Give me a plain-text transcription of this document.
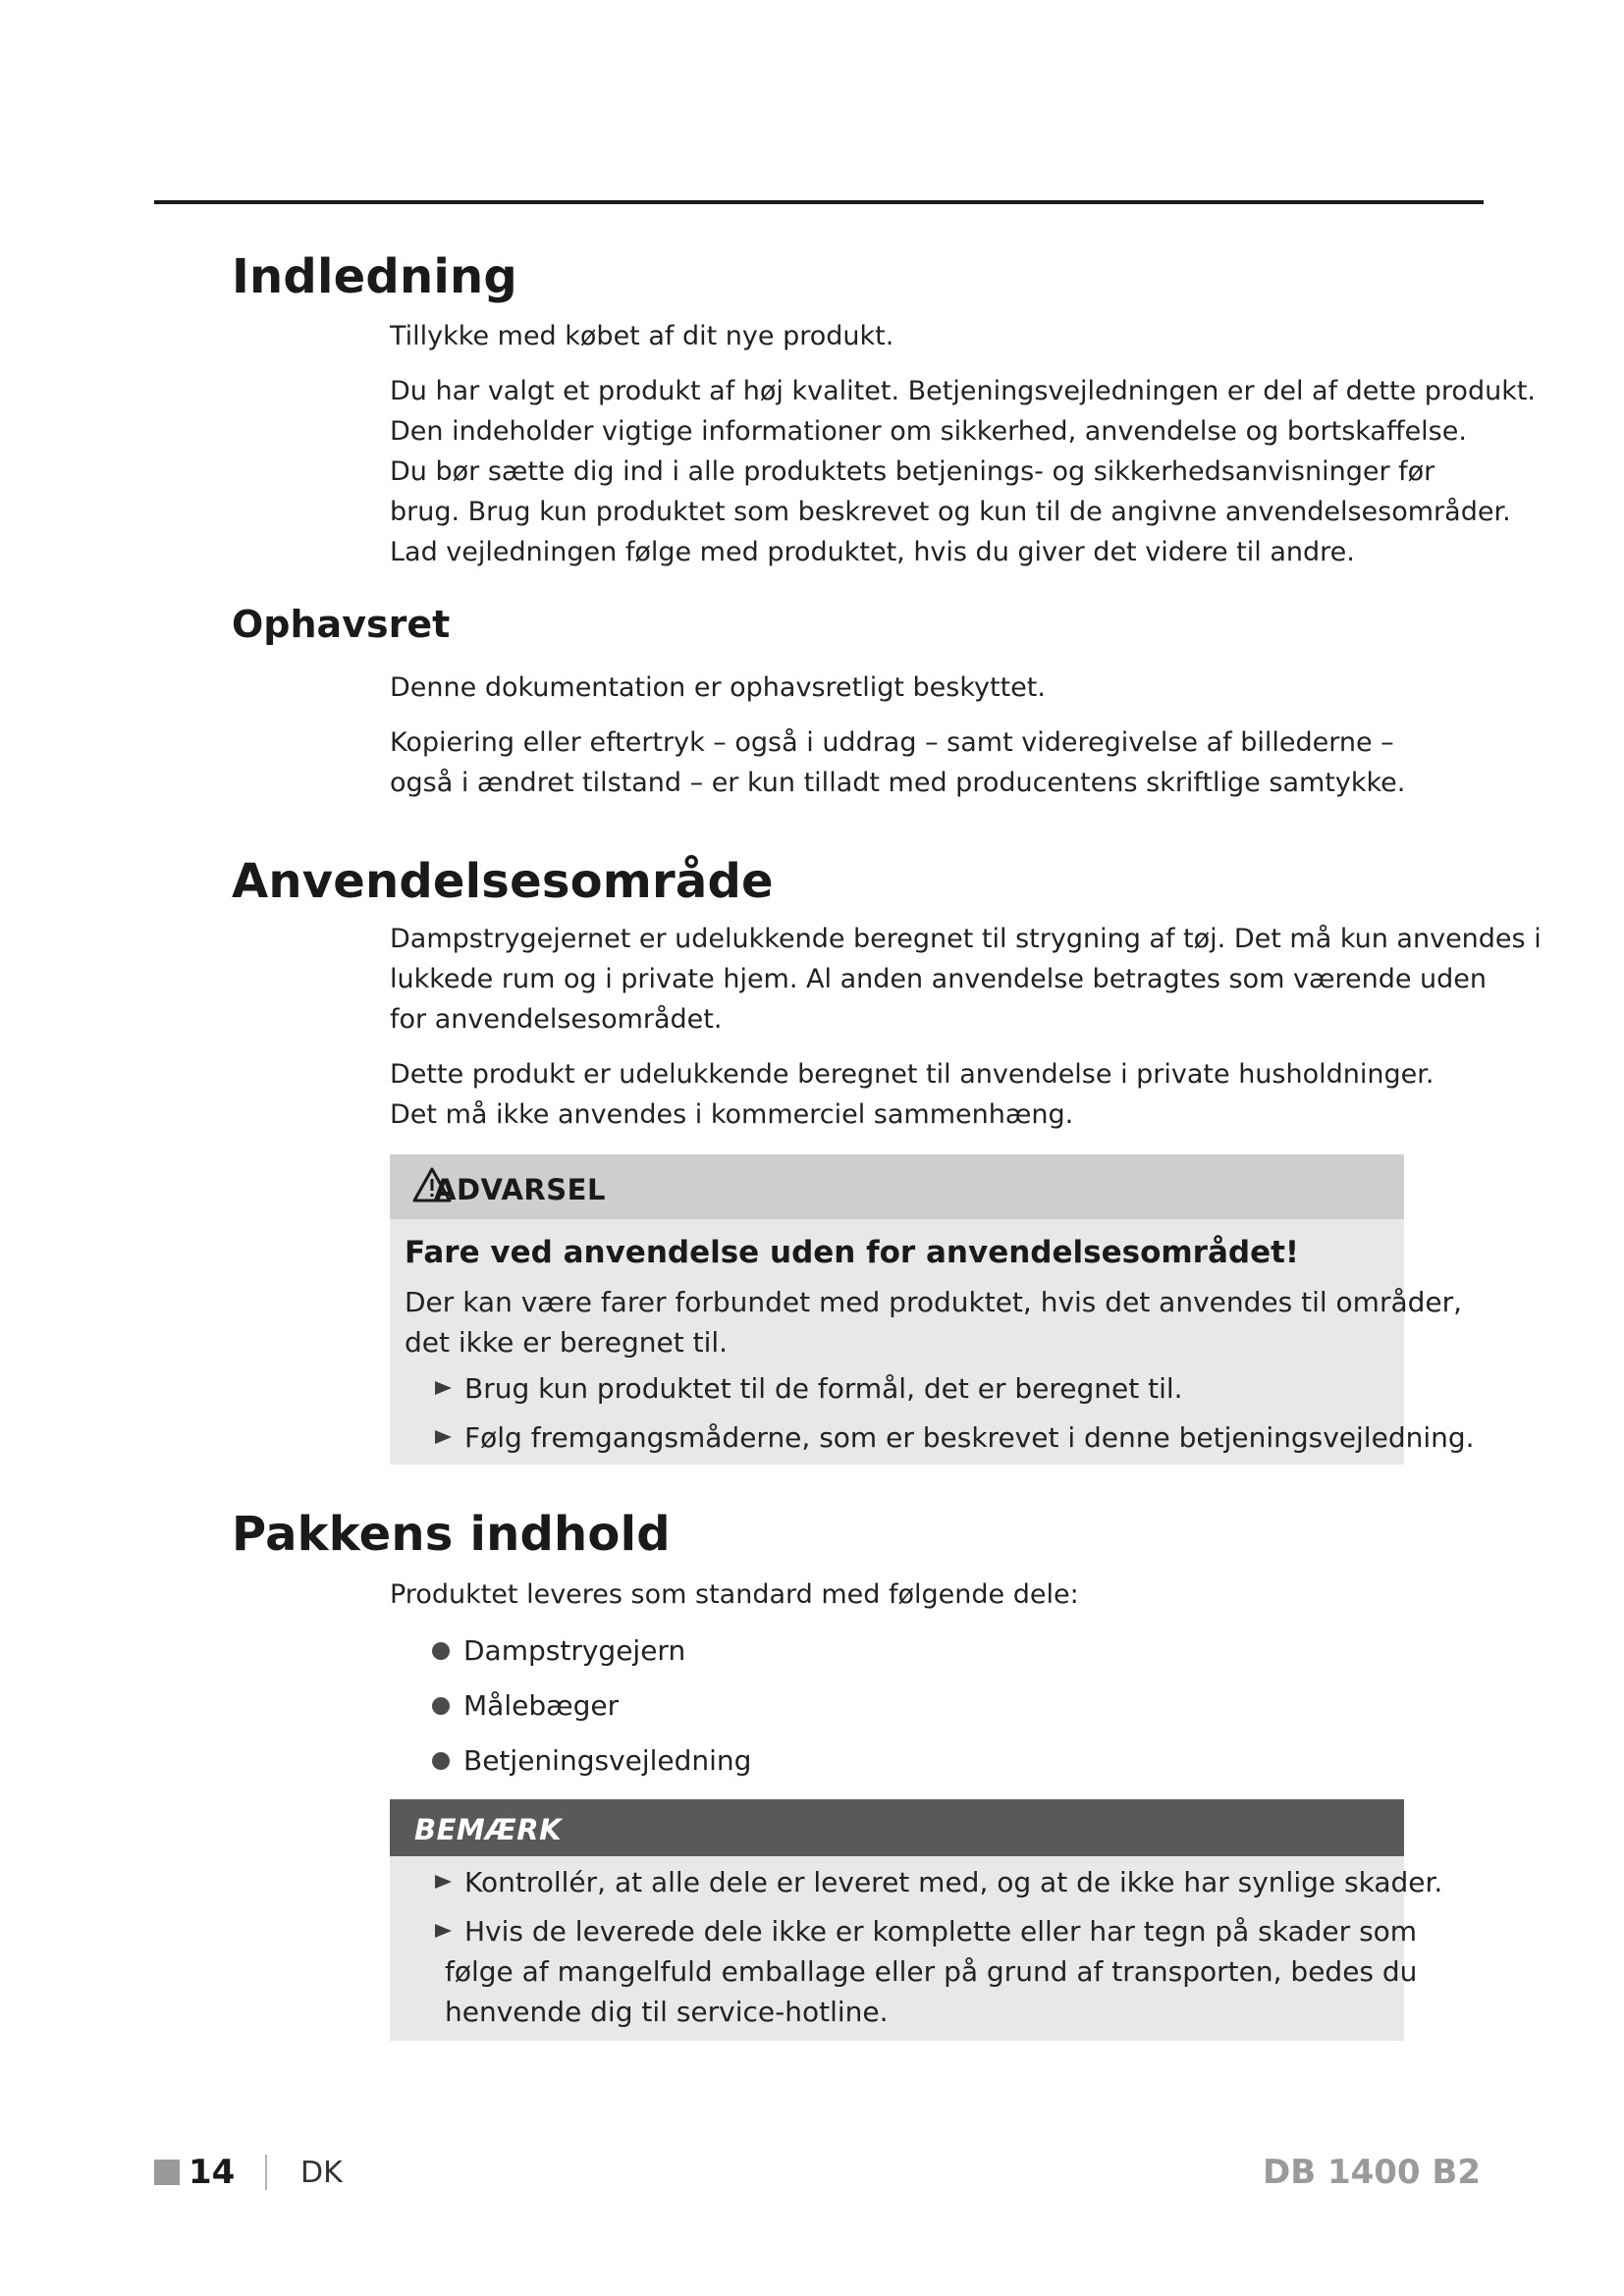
Indledning

Tillykke med købet af dit nye produkt.

Du har valgt et produkt af høj kvalitet. Betjeningsvejledningen er del af dette produkt.
Den indeholder vigtige informationer om sikkerhed, anvendelse og bortskaffelse.
Du bør sætte dig ind i alle produktets betjenings- og sikkerhedsanvisninger før
brug. Brug kun produktet som beskrevet og kun til de angivne anvendelsesområder.
Lad vejledningen følge med produktet, hvis du giver det videre til andre.

Ophavsret

Denne dokumentation er ophavsretligt beskyttet.

Kopiering eller eftertryk – også i uddrag – samt videregivelse af billederne –
også i ændret tilstand – er kun tilladt med producentens skriftlige samtykke.

Anvendelsesområde

Dampstrygejernet er udelukkende beregnet til strygning af tøj. Det må kun anvendes i
lukkede rum og i private hjem. Al anden anvendelse betragtes som værende uden
for anvendelsesområdet.

Dette produkt er udelukkende beregnet til anvendelse i private husholdninger.
Det må ikke anvendes i kommerciel sammenhæng.

ADVARSEL

Fare ved anvendelse uden for anvendelsesområdet!

Der kan være farer forbundet med produktet, hvis det anvendes til områder,
det ikke er beregnet til.

Brug kun produktet til de formål, det er beregnet til.
Følg fremgangsmåderne, som er beskrevet i denne betjeningsvejledning.
Pakkens indhold

Produktet leveres som standard med følgende dele:

Dampstrygejern
Målebæger
Betjeningsvejledning
BEMÆRK
Kontrollér, at alle dele er leveret med, og at de ikke har synlige skader.
Hvis de leverede dele ikke er komplette eller har tegn på skader som
følge af mangelfuld emballage eller på grund af transporten, bedes du
henvende dig til service-hotline.
14 DK	DB 1400 B2
